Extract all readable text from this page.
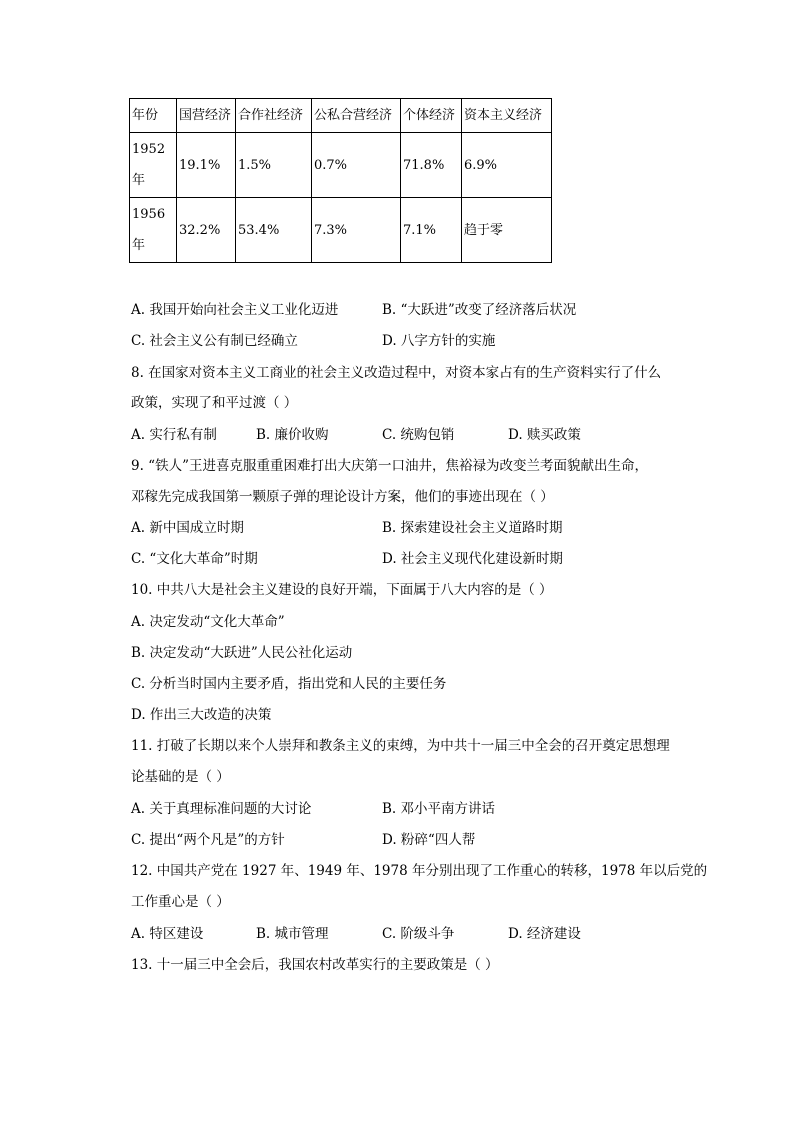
年份	国营经济	合作社经济	公私合营经济	个体经济	资本主义经济
1952 年	19.1%	1.5%	0.7%	71.8%	6.9%
1956 年	32.2%	53.4%	7.3%	7.1%	趋于零
A. 我国开始向社会主义工业化迈进	B. “大跃进”改变了经济落后状况
C. 社会主义公有制已经确立	D. 八字方针的实施
8. 在国家对资本主义工商业的社会主义改造过程中，对资本家占有的生产资料实行了什么
政策，实现了和平过渡（ ）
A. 实行私有制	B. 廉价收购	C. 统购包销	D. 赎买政策
9. “铁人”王进喜克服重重困难打出大庆第一口油井，焦裕禄为改变兰考面貌献出生命，
邓稼先完成我国第一颗原子弹的理论设计方案，他们的事迹出现在（ ）
A. 新中国成立时期	B. 探索建设社会主义道路时期
C. “文化大革命”时期	D. 社会主义现代化建设新时期
10. 中共八大是社会主义建设的良好开端，下面属于八大内容的是（ ）
A. 决定发动“文化大革命”
B. 决定发动“大跃进”人民公社化运动
C. 分析当时国内主要矛盾，指出党和人民的主要任务
D. 作出三大改造的决策
11. 打破了长期以来个人崇拜和教条主义的束缚，为中共十一届三中全会的召开奠定思想理
论基础的是（ ）
A. 关于真理标准问题的大讨论	B. 邓小平南方讲话
C. 提出“两个凡是”的方针	D. 粉碎“四人帮
12. 中国共产党在 1927 年、1949 年、1978 年分别出现了工作重心的转移，1978 年以后党的
工作重心是（ ）
A. 特区建设	B. 城市管理	C. 阶级斗争	D. 经济建设
13. 十一届三中全会后，我国农村改革实行的主要政策是（ ）
